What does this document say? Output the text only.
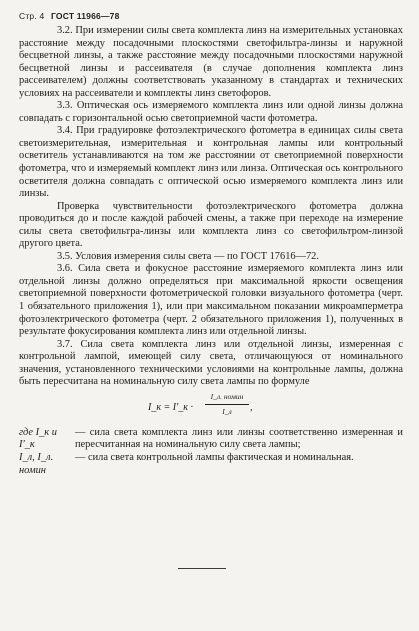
Стр. 4 ГОСТ 11966—78

3.2. При измерении силы света комплекта линз на измерительных установках расстояние между посадочными плоскостями светофильтра-линзы и наружной бесцветной линзы, а также расстояние между посадочными плоскостями наружной бесцветной линзы и рассеивателя (в случае дополнения комплекта линз рассеивателем) должны соответствовать указанному в стандартах и технических условиях на рассеиватели и комплекты линз светофоров.

3.3. Оптическая ось измеряемого комплекта линз или одной линзы должна совпадать с горизонтальной осью светоприемной части фотометра.

3.4. При градуировке фотоэлектрического фотометра в единицах силы света светоизмерительная, измерительная и контрольная лампы или контрольный осветитель устанавливаются на том же расстоянии от светоприемной поверхности фотометра, что и измеряемый комплект линз или линза. Оптическая ось контрольного осветителя должна совпадать с оптической осью измеряемого комплекта линз или линзы.

Проверка чувствительности фотоэлектрического фотометра должна проводиться до и после каждой рабочей смены, а также при переходе на измерение силы света светофильтра-линзы или комплекта линз со светофильтром-линзой другого цвета.

3.5. Условия измерения силы света — по ГОСТ 17616—72.

3.6. Сила света и фокусное расстояние измеряемого комплекта линз или отдельной линзы должно определяться при максимальной яркости освещения светоприемной поверхности фотометрической головки визуального фотометра (черт. 1 обязательного приложения 1), или при максимальном показании микроамперметра фотоэлектрического фотометра (черт. 2 обязательного приложения 1), полученных в результате фокусирования комплекта линз или отдельной линзы.

3.7. Сила света комплекта линз или отдельной линзы, измеренная с контрольной лампой, имеющей силу света, отличающуюся от номинального значения, установленного техническими условиями на контрольные лампы, должна быть пересчитана на номинальную силу света лампы по формуле

I_к = I′_к ·
I_л. номин
I_л	,
где I_к и I′_к
— сила света комплекта линз или линзы соответственно измеренная и пересчитанная на номинальную силу света лампы;
I_л, I_л. номин
— сила света контрольной лампы фактическая и номинальная.
